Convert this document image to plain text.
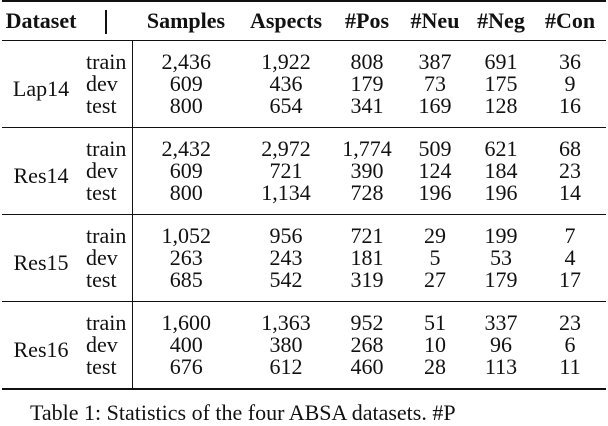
Dataset		Samples	Aspects	#Pos	#Neu	#Neg	#Con
Lap14	train	2,436	1,922	808	387	691	36
	dev	609	436	179	73	175	9
	test	800	654	341	169	128	16
Res14	train	2,432	2,972	1,774	509	621	68
	dev	609	721	390	124	184	23
	test	800	1,134	728	196	196	14
Res15	train	1,052	956	721	29	199	7
	dev	263	243	181	5	53	4
	test	685	542	319	27	179	17
Res16	train	1,600	1,363	952	51	337	23
	dev	400	380	268	10	96	6
	test	676	612	460	28	113	11
Table 1: Statistics of the four ABSA datasets. #P
